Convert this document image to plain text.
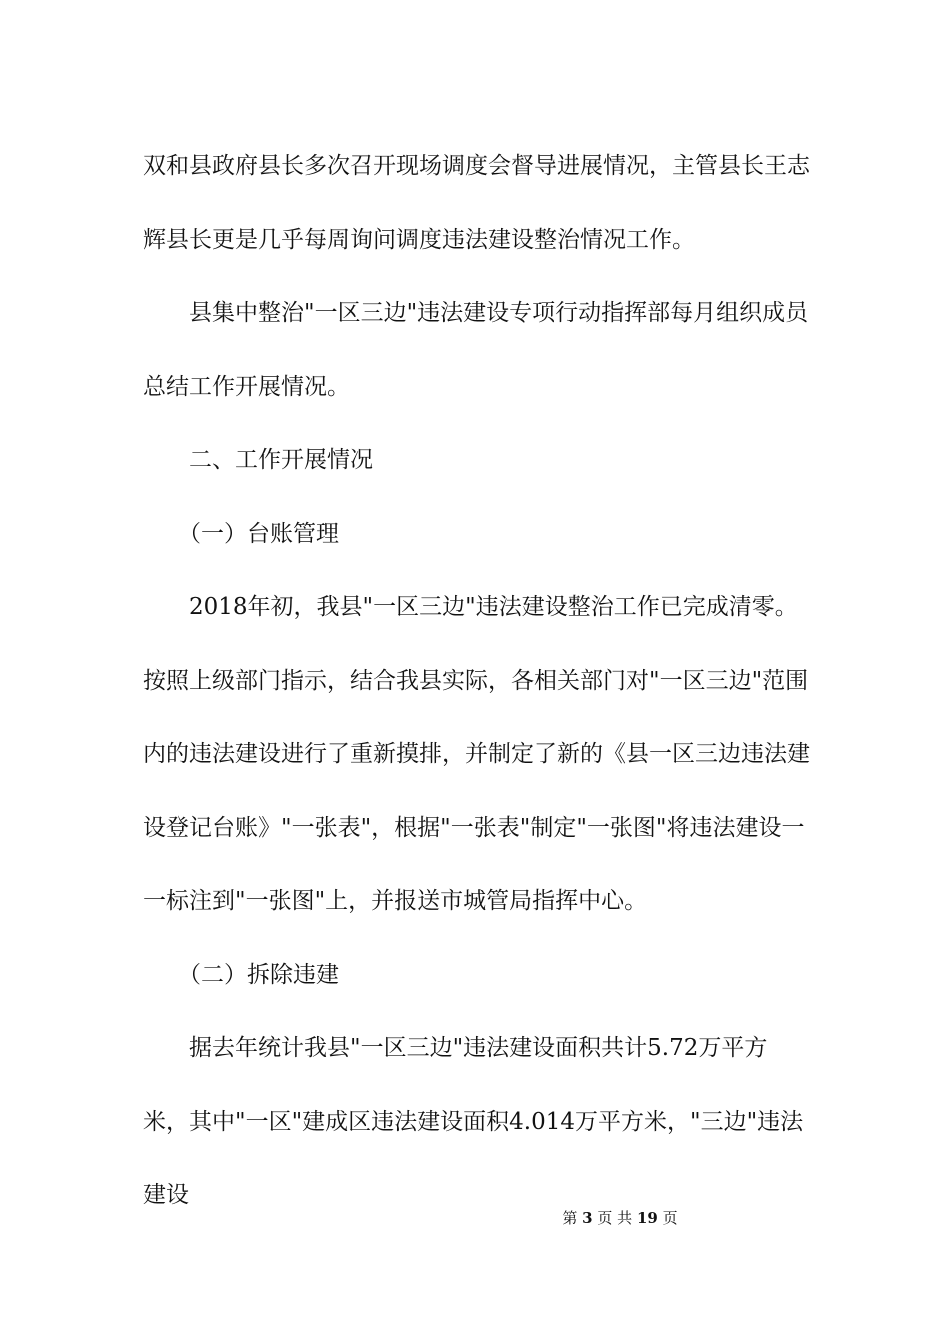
双和县政府县长多次召开现场调度会督导进展情况，主管县长王志辉县长更是几乎每周询问调度违法建设整治情况工作。

县集中整治"一区三边"违法建设专项行动指挥部每月组织成员总结工作开展情况。

二、工作开展情况

（一）台账管理

2018年初，我县"一区三边"违法建设整治工作已完成清零。按照上级部门指示，结合我县实际，各相关部门对"一区三边"范围内的违法建设进行了重新摸排，并制定了新的《县一区三边违法建设登记台账》"一张表"，根据"一张表"制定"一张图"将违法建设一一标注到"一张图"上，并报送市城管局指挥中心。

（二）拆除违建

据去年统计我县"一区三边"违法建设面积共计5.72万平方米，其中"一区"建成区违法建设面积4.014万平方米，"三边"违法建设

第 3 页 共 19 页
